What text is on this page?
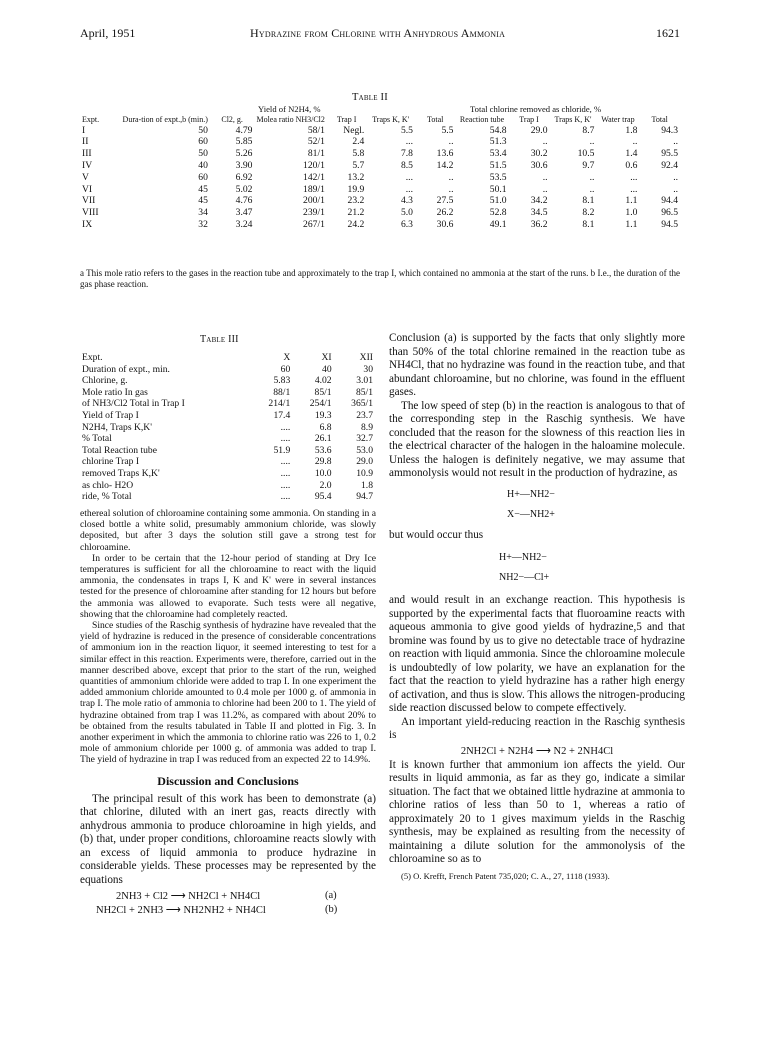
April, 1951	Hydrazine from Chlorine with Anhydrous Ammonia	1621
Table II
Yield of N2H4, %	Total chlorine removed as chloride, %
Expt.	Dura-tion of expt.,b (min.)	Cl2, g.	Molea ratio NH3/Cl2	Trap I	Traps K, K'	Total	Reaction tube	Trap I	Traps K, K'	Water trap	Total
I	50	4.79	58/1	Negl.	5.5	5.5	54.8	29.0	8.7	1.8	94.3
II	60	5.85	52/1	2.4	...	..	51.3	..	..	..	..
III	50	5.26	81/1	5.8	7.8	13.6	53.4	30.2	10.5	1.4	95.5
IV	40	3.90	120/1	5.7	8.5	14.2	51.5	30.6	9.7	0.6	92.4
V	60	6.92	142/1	13.2	...	..	53.5	..	..	...	..
VI	45	5.02	189/1	19.9	...	..	50.1	..	..	...	..
VII	45	4.76	200/1	23.2	4.3	27.5	51.0	34.2	8.1	1.1	94.4
VIII	34	3.47	239/1	21.2	5.0	26.2	52.8	34.5	8.2	1.0	96.5
IX	32	3.24	267/1	24.2	6.3	30.6	49.1	36.2	8.1	1.1	94.5
a This mole ratio refers to the gases in the reaction tube and approximately to the trap I, which contained no ammonia at the start of the runs. b I.e., the duration of the gas phase reaction.
Table III
Expt.	X	XI	XII
Duration of expt., min.	60	40	30
Chlorine, g.	5.83	4.02	3.01
Mole ratio In gas	88/1	85/1	85/1
of NH3/Cl2 Total in Trap I	214/1	254/1	365/1
Yield of Trap I	17.4	19.3	23.7
N2H4, Traps K,K'	....	6.8	8.9
% Total	....	26.1	32.7
Total Reaction tube	51.9	53.6	53.0
chlorine Trap I	....	29.8	29.0
removed Traps K,K'	....	10.0	10.9
as chlo- H2O	....	2.0	1.8
ride, % Total	....	95.4	94.7
ethereal solution of chloroamine containing some ammonia. On standing in a closed bottle a white solid, presumably ammonium chloride, was slowly deposited, but after 3 days the solution still gave a strong test for chloroamine.
In order to be certain that the 12-hour period of standing at Dry Ice temperatures is sufficient for all the chloroamine to react with the liquid ammonia, the condensates in traps I, K and K' were in several instances tested for the presence of chloroamine after standing for 12 hours but before the ammonia was allowed to evaporate. Such tests were all negative, showing that the chloroamine had completely reacted.
Since studies of the Raschig synthesis of hydrazine have revealed that the yield of hydrazine is reduced in the presence of considerable concentrations of ammonium ion in the reaction liquor, it seemed interesting to test for a similar effect in this reaction. Experiments were, therefore, carried out in the manner described above, except that prior to the start of the run, weighed quantities of ammonium chloride were added to trap I. In one experiment the added ammonium chloride amounted to 0.4 mole per 1000 g. of ammonia in trap I. The mole ratio of ammonia to chlorine had been 200 to 1. The yield of hydrazine obtained from trap I was 11.2%, as compared with about 20% to be obtained from the results tabulated in Table II and plotted in Fig. 3. In another experiment in which the ammonia to chlorine ratio was 226 to 1, 0.2 mole of ammonium chloride per 1000 g. of ammonia was added to trap I. The yield of hydrazine in trap I was reduced from an expected 22 to 14.9%.
Discussion and Conclusions
The principal result of this work has been to demonstrate (a) that chlorine, diluted with an inert gas, reacts directly with anhydrous ammonia to produce chloroamine in high yields, and (b) that, under proper conditions, chloroamine reacts slowly with an excess of liquid ammonia to produce hydrazine in considerable yields. These processes may be represented by the equations
2NH3 + Cl2 ⟶ NH2Cl + NH4Cl	(a)
NH2Cl + 2NH3 ⟶ NH2NH2 + NH4Cl	(b)
Conclusion (a) is supported by the facts that only slightly more than 50% of the total chlorine remained in the reaction tube as NH4Cl, that no hydrazine was found in the reaction tube, and that abundant chloroamine, but no chlorine, was found in the effluent gases.
The low speed of step (b) in the reaction is analogous to that of the corresponding step in the Raschig synthesis. We have concluded that the reason for the slowness of this reaction lies in the electrical character of the halogen in the haloamine molecule. Unless the halogen is definitely negative, we may assume that ammonolysis would not result in the production of hydrazine, as
H+—NH2−
X−—NH2+
but would occur thus
H+—NH2−
NH2−—Cl+
and would result in an exchange reaction. This hypothesis is supported by the experimental facts that fluoroamine reacts with aqueous ammonia to give good yields of hydrazine,5 and that bromine was found by us to give no detectable trace of hydrazine on reaction with liquid ammonia. Since the chloroamine molecule is undoubtedly of low polarity, we have an explanation for the fact that the reaction to yield hydrazine has a rather high energy of activation, and thus is slow. This allows the nitrogen-producing side reaction discussed below to compete effectively.
An important yield-reducing reaction in the Raschig synthesis is
2NH2Cl + N2H4 ⟶ N2 + 2NH4Cl
It is known further that ammonium ion affects the yield. Our results in liquid ammonia, as far as they go, indicate a similar situation. The fact that we obtained little hydrazine at ammonia to chlorine ratios of less than 50 to 1, whereas a ratio of approximately 20 to 1 gives maximum yields in the Raschig synthesis, may be explained as resulting from the necessity of maintaining a dilute solution for the ammonolysis of the chloroamine so as to
(5) O. Krefft, French Patent 735,020; C. A., 27, 1118 (1933).
